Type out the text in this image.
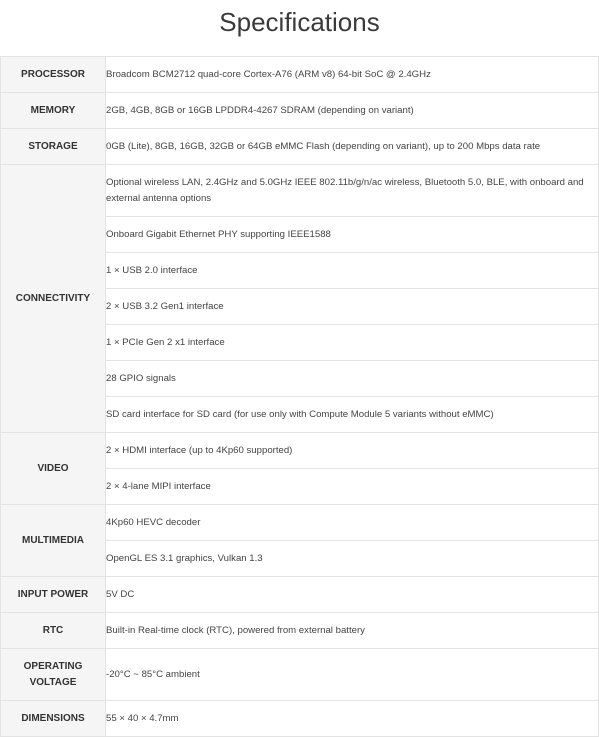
Specifications
PROCESSOR	Broadcom BCM2712 quad-core Cortex-A76 (ARM v8) 64-bit SoC @ 2.4GHz
MEMORY	2GB, 4GB, 8GB or 16GB LPDDR4-4267 SDRAM (depending on variant)
STORAGE	0GB (Lite), 8GB, 16GB, 32GB or 64GB eMMC Flash (depending on variant), up to 200 Mbps data rate
CONNECTIVITY	Optional wireless LAN, 2.4GHz and 5.0GHz IEEE 802.11b/g/n/ac wireless, Bluetooth 5.0, BLE, with onboard and external antenna options
	Onboard Gigabit Ethernet PHY supporting IEEE1588
	1 × USB 2.0 interface
	2 × USB 3.2 Gen1 interface
	1 × PCIe Gen 2 x1 interface
	28 GPIO signals
	SD card interface for SD card (for use only with Compute Module 5 variants without eMMC)
VIDEO	2 × HDMI interface (up to 4Kp60 supported)
	2 × 4-lane MIPI interface
MULTIMEDIA	4Kp60 HEVC decoder
	OpenGL ES 3.1 graphics, Vulkan 1.3
INPUT POWER	5V DC
RTC	Built-in Real-time clock (RTC), powered from external battery
OPERATING VOLTAGE	-20°C ~ 85°C ambient
DIMENSIONS	55 × 40 × 4.7mm
